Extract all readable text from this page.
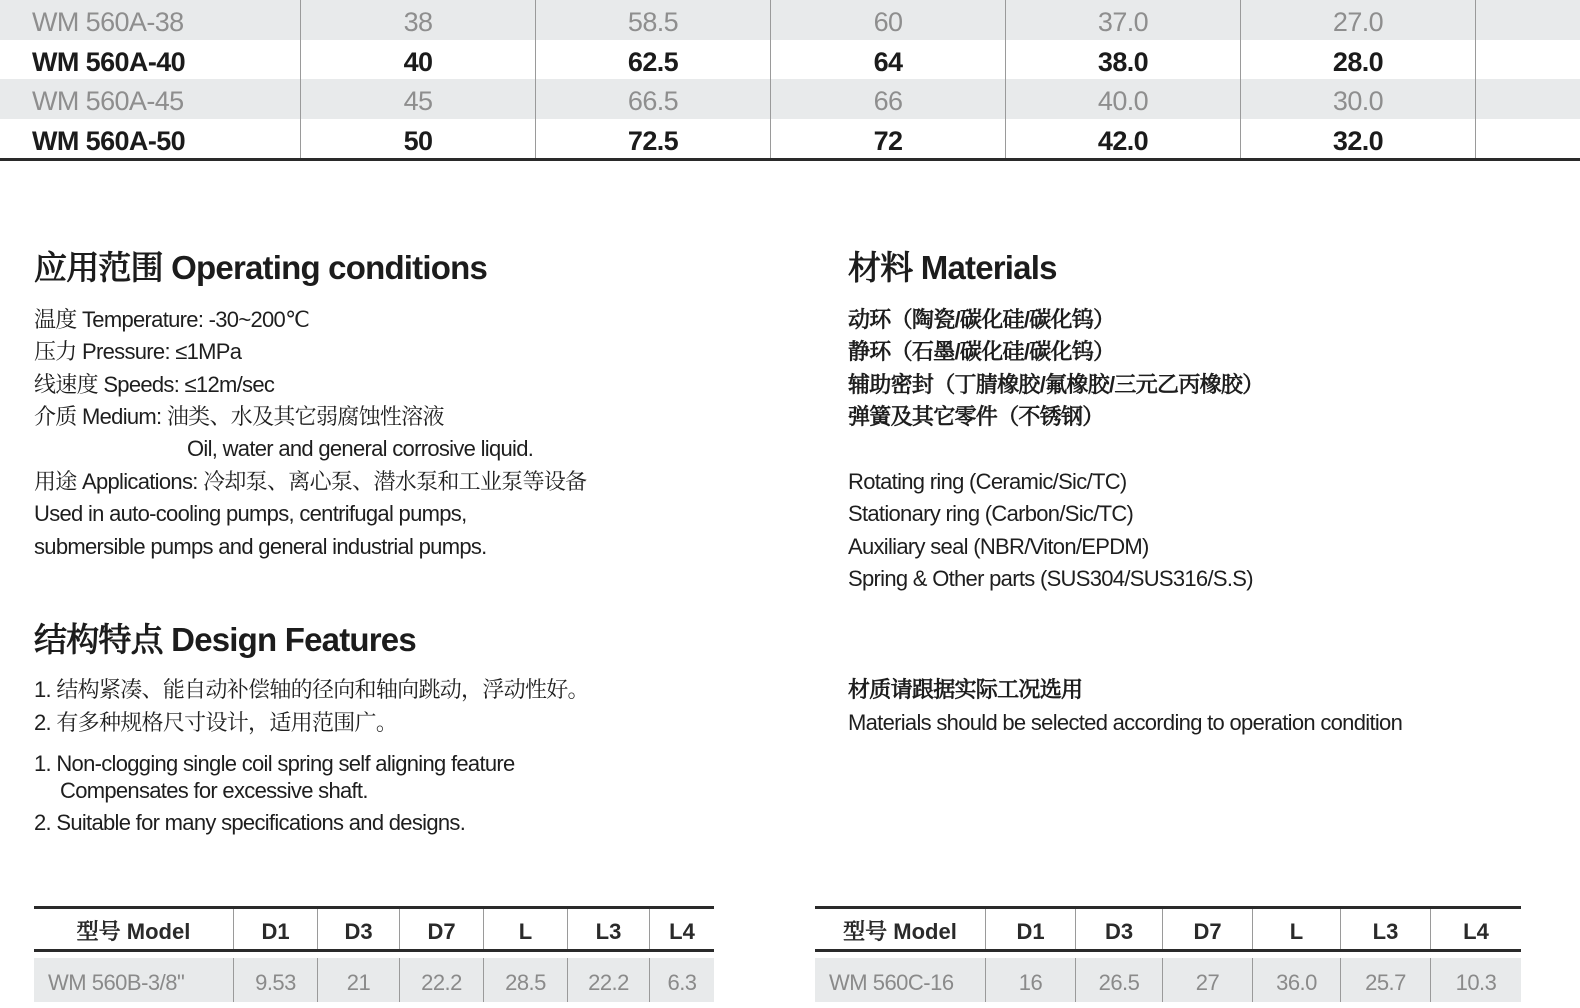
WM 560A-38	38	58.5	60	37.0	27.0
WM 560A-40	40	62.5	64	38.0	28.0
WM 560A-45	45	66.5	66	40.0	30.0
WM 560A-50	50	72.5	72	42.0	32.0
应用范围 Operating conditions

温度 Temperature: -30~200℃

压力 Pressure: ≤1MPa

线速度 Speeds: ≤12m/sec

介质 Medium: 油类、水及其它弱腐蚀性溶液

Oil, water and general corrosive liquid.

用途 Applications: 冷却泵、离心泵、潜水泵和工业泵等设备

Used in auto-cooling pumps, centrifugal pumps,

submersible pumps and general industrial pumps.

结构特点 Design Features

1. 结构紧凑、能自动补偿轴的径向和轴向跳动，浮动性好。

2. 有多种规格尺寸设计，适用范围广。

1. Non-clogging single coil spring self aligning feature

Compensates for excessive shaft.

2. Suitable for many specifications and designs.

材料 Materials

动环（陶瓷/碳化硅/碳化钨）

静环（石墨/碳化硅/碳化钨）

辅助密封（丁腈橡胶/氟橡胶/三元乙丙橡胶）

弹簧及其它零件（不锈钢）

Rotating ring (Ceramic/Sic/TC)

Stationary ring (Carbon/Sic/TC)

Auxiliary seal (NBR/Viton/EPDM)

Spring & Other parts (SUS304/SUS316/S.S)

材质请跟据实际工况选用

Materials should be selected according to operation condition

型号 Model	D1	D3	D7	L	L3	L4
WM 560B-3/8"	9.53	21	22.2	28.5	22.2	6.3
型号 Model	D1	D3	D7	L	L3	L4
WM 560C-16	16	26.5	27	36.0	25.7	10.3
